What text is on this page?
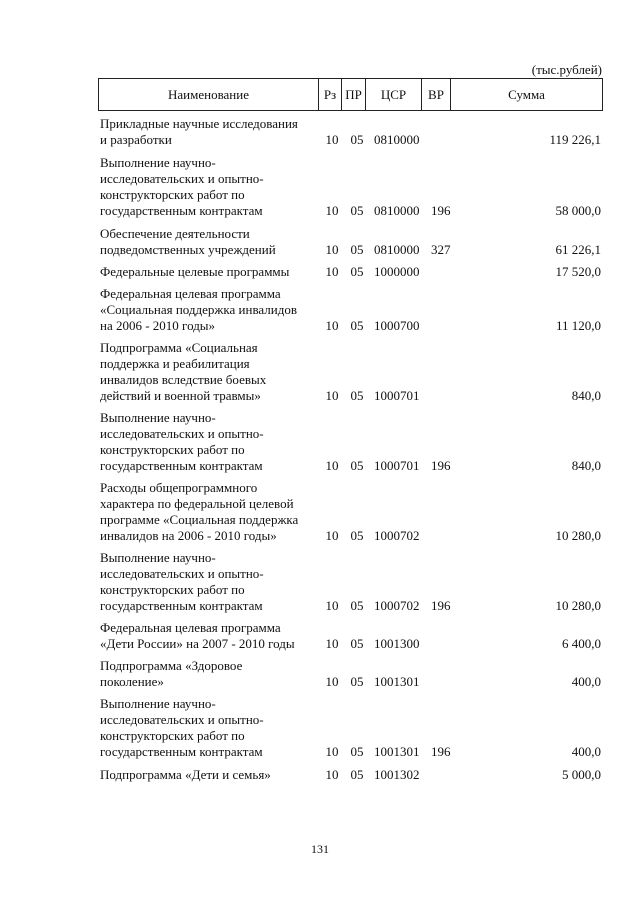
(тыс.рублей)
Наименование	Рз ПР	ЦСР	ВР	Сумма
Прикладные научные исследования
и разработки	10 05 0810000	119 226,1
Выполнение научно-
исследовательских и опытно-
конструкторских работ по
государственным контрактам	10 05 0810000 196	58 000,0
Обеспечение деятельности
подведомственных учреждений	10 05 0810000 327	61 226,1
Федеральные целевые программы	10 05 1000000	17 520,0
Федеральная целевая программа
«Социальная поддержка инвалидов
на 2006 - 2010 годы»	10 05 1000700	11 120,0
Подпрограмма «Социальная
поддержка и реабилитация
инвалидов вследствие боевых
действий и военной травмы»	10 05 1000701	840,0
Выполнение научно-
исследовательских и опытно-
конструкторских работ по
государственным контрактам	10 05 1000701 196	840,0
Расходы общепрограммного
характера по федеральной целевой
программе «Социальная поддержка
инвалидов на 2006 - 2010 годы»	10 05 1000702	10 280,0
Выполнение научно-
исследовательских и опытно-
конструкторских работ по
государственным контрактам	10 05 1000702 196	10 280,0
Федеральная целевая программа
«Дети России» на 2007 - 2010 годы	10 05 1001300	6 400,0
Подпрограмма «Здоровое
поколение»	10 05 1001301	400,0
Выполнение научно-
исследовательских и опытно-
конструкторских работ по
государственным контрактам	10 05 1001301 196	400,0
Подпрограмма «Дети и семья»	10 05 1001302	5 000,0
131
